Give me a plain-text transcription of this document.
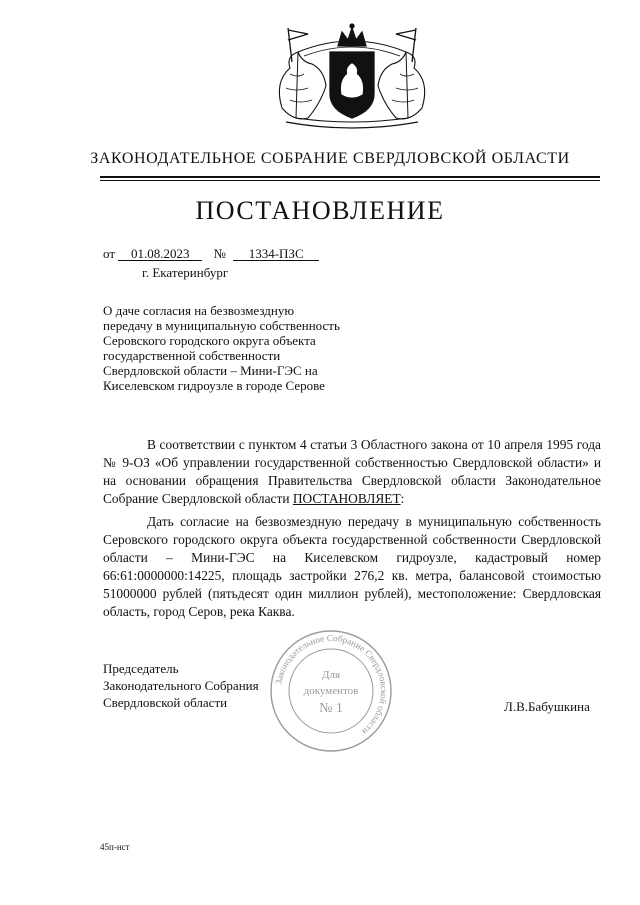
ЗАКОНОДАТЕЛЬНОЕ СОБРАНИЕ СВЕРДЛОВСКОЙ ОБЛАСТИ
ПОСТАНОВЛЕНИЕ
от 01.08.2023 № 1334-ПЗС
г. Екатеринбург
О даче согласия на безвозмездную передачу в муниципальную собственность Серовского городского округа объекта государственной собственности Свердловской области – Мини-ГЭС на Киселевском гидроузле в городе Серове
В соответствии с пунктом 4 статьи 3 Областного закона от 10 апреля 1995 года № 9-ОЗ «Об управлении государственной собственностью Свердловской области» и на основании обращения Правительства Свердловской области Законодательное Собрание Свердловской области ПОСТАНОВЛЯЕТ:
Дать согласие на безвозмездную передачу в муниципальную собственность Серовского городского округа объекта государственной собственности Свердловской области – Мини-ГЭС на Киселевском гидроузле, кадастровый номер 66:61:0000000:14225, площадь застройки 276,2 кв. метра, балансовой стоимостью 51000000 рублей (пятьдесят один миллион рублей), местоположение: Свердловская область, город Серов, река Каква.
Законодательное Собрание Свердловской области
Для
документов
№ 1
Председатель
Законодательного Собрания
Свердловской области	Л.В.Бабушкина
45п-нст
